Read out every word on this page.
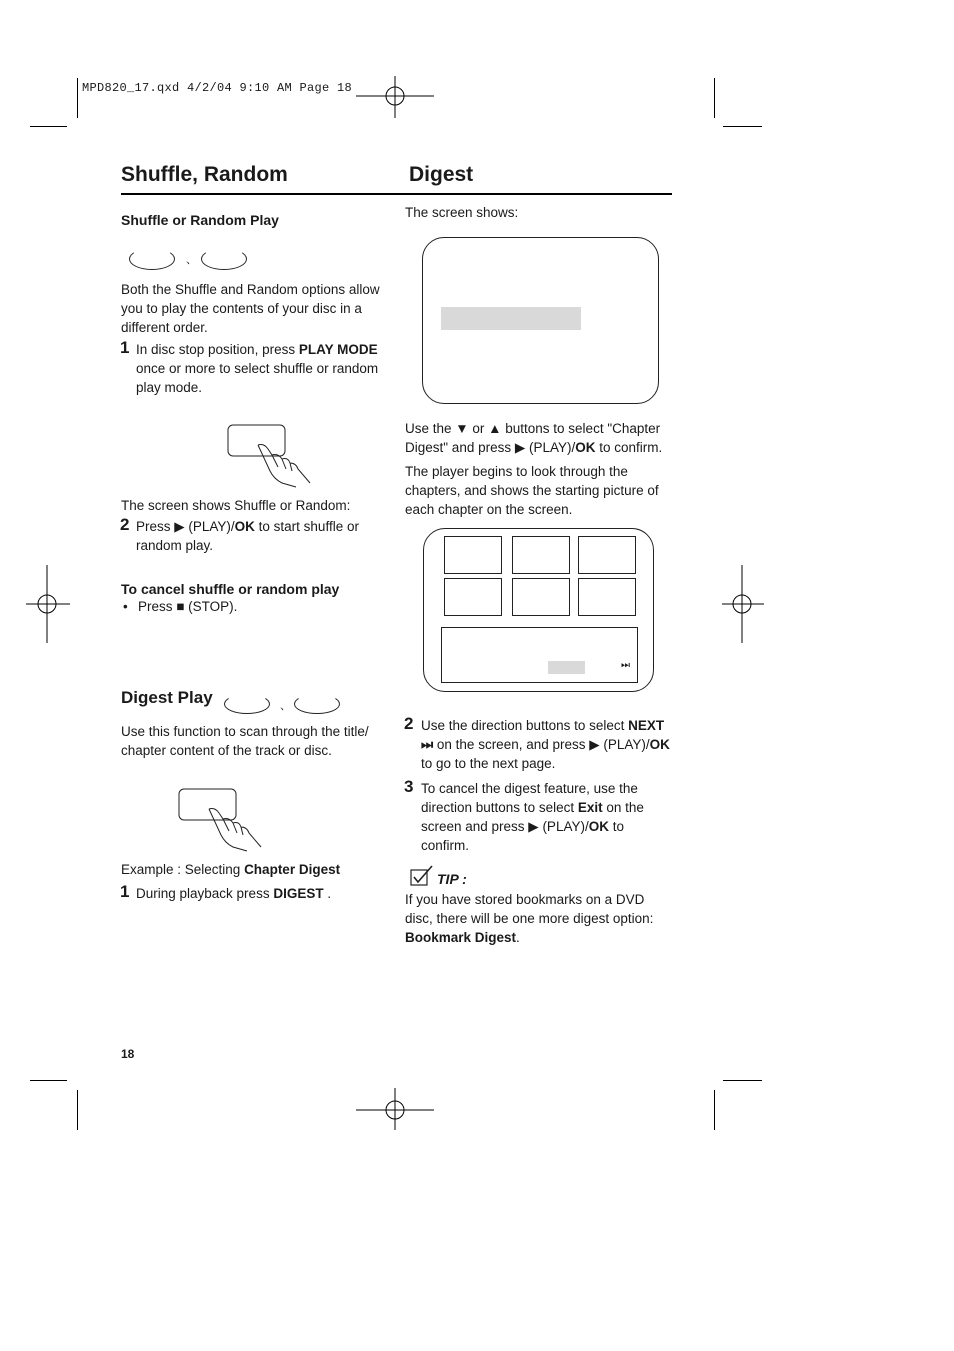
MPD820_17.qxd 4/2/04 9:10 AM Page 18
Shuffle, Random	Digest
Shuffle or Random Play
、
Both the Shuffle and Random options allow you to play the contents of your disc in a different order.
1 In disc stop position, press PLAY MODE once or more to select shuffle or random play mode.
The screen shows Shuffle or Random:
2 Press ▶ (PLAY)/OK to start shuffle or random play.
To cancel shuffle or random play
• Press ■ (STOP).
Digest Play	、
Use this function to scan through the title/ chapter content of the track or disc.
Example : Selecting Chapter Digest
1 During playback press DIGEST .
The screen shows:
Use the ▼ or ▲ buttons to select "Chapter Digest" and press ▶ (PLAY)/OK to confirm.
The player begins to look through the chapters, and shows the starting picture of each chapter on the screen.
⏭
2 Use the direction buttons to select NEXT ⏭ on the screen, and press ▶ (PLAY)/OK to go to the next page.
3 To cancel the digest feature, use the direction buttons to select Exit on the screen and press ▶ (PLAY)/OK to confirm.
TIP :
If you have stored bookmarks on a DVD disc, there will be one more digest option: Bookmark Digest.
18
